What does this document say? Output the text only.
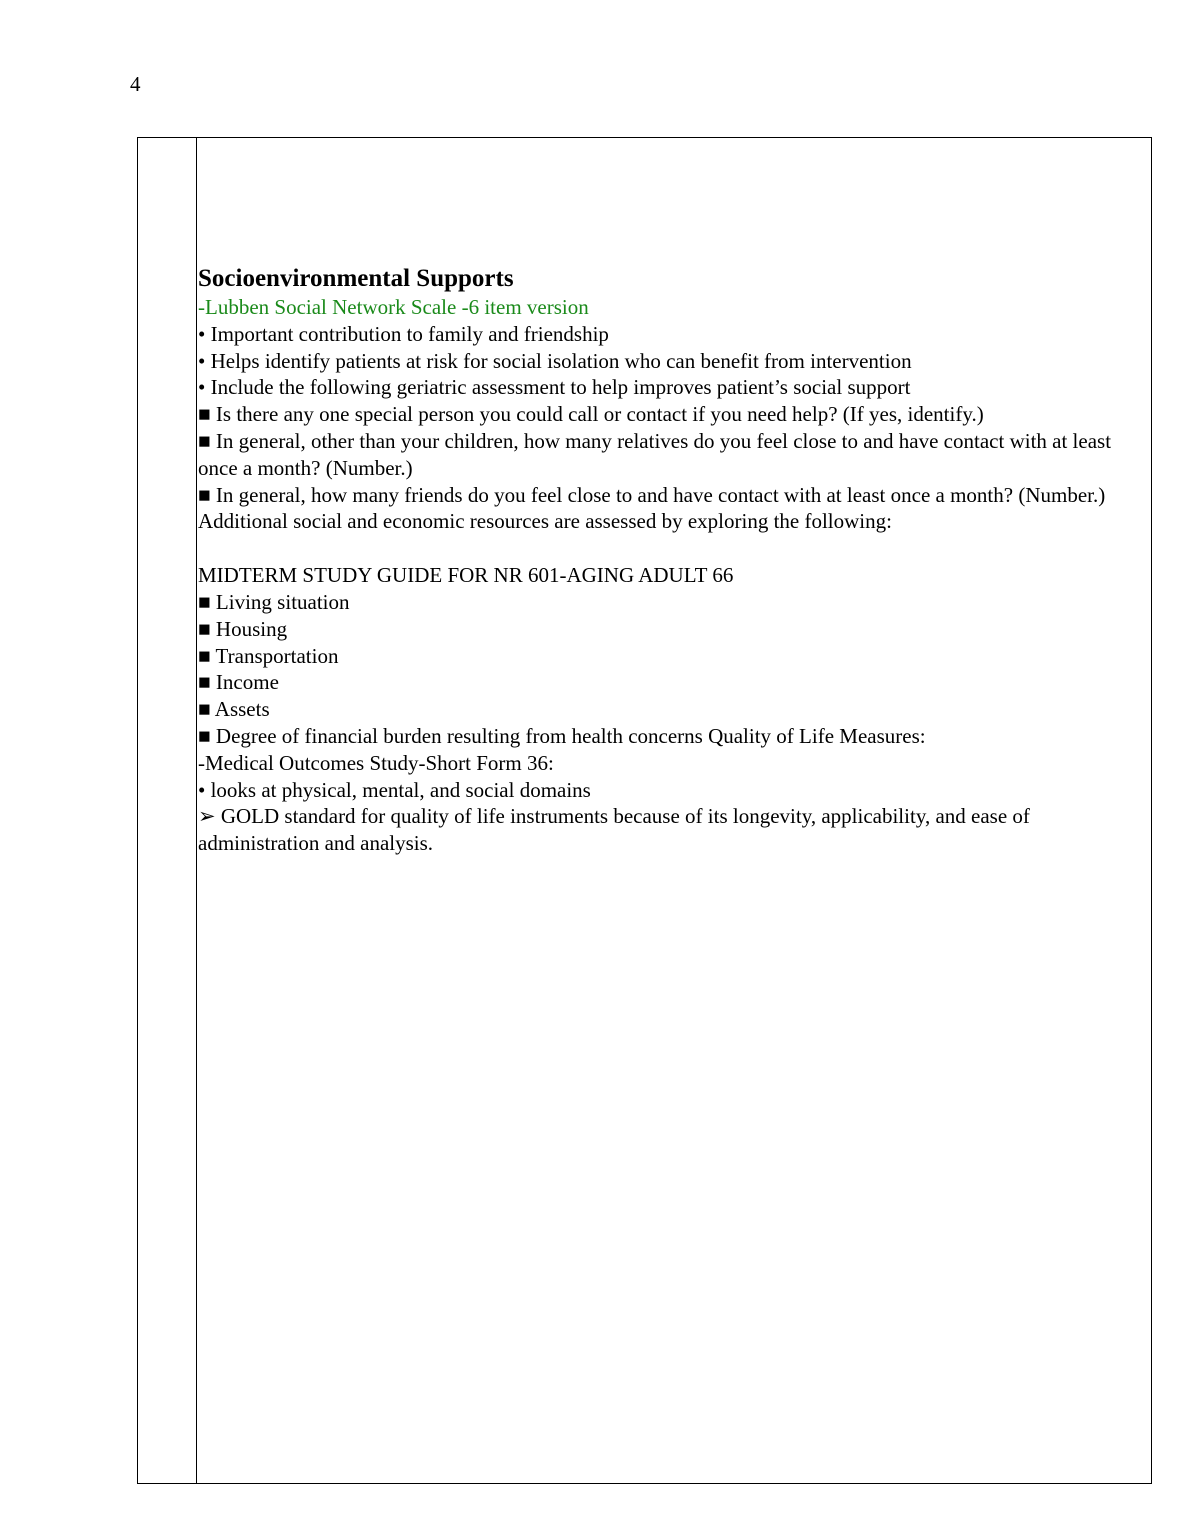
4

Socioenvironmental Supports

-Lubben Social Network Scale -6 item version

• Important contribution to family and friendship

• Helps identify patients at risk for social isolation who can benefit from intervention

• Include the following geriatric assessment to help improves patient’s social support

■ Is there any one special person you could call or contact if you need help? (If yes, identify.)

■ In general, other than your children, how many relatives do you feel close to and have contact with at least once a month? (Number.)

■ In general, how many friends do you feel close to and have contact with at least once a month? (Number.) Additional social and economic resources are assessed by exploring the following:

MIDTERM STUDY GUIDE FOR NR 601-AGING ADULT 66

■ Living situation

■ Housing

■ Transportation

■ Income

■ Assets

■ Degree of financial burden resulting from health concerns Quality of Life Measures:

-Medical Outcomes Study-Short Form 36:

• looks at physical, mental, and social domains

➢ GOLD standard for quality of life instruments because of its longevity, applicability, and ease of administration and analysis.
